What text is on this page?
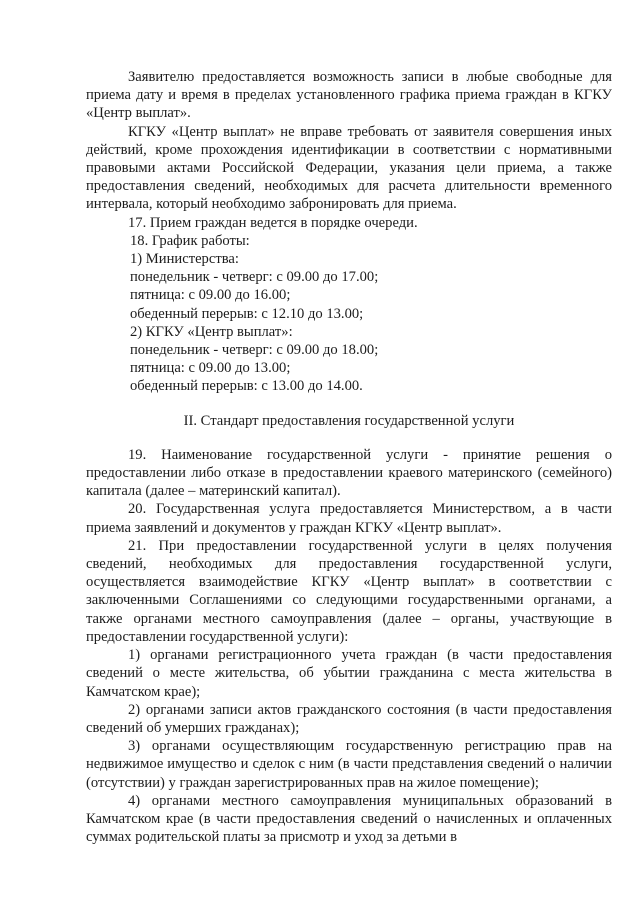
Заявителю предоставляется возможность записи в любые свободные для приема дату и время в пределах установленного графика приема граждан в КГКУ «Центр выплат».

КГКУ «Центр выплат» не вправе требовать от заявителя совершения иных действий, кроме прохождения идентификации в соответствии с нормативными правовыми актами Российской Федерации, указания цели приема, а также предоставления сведений, необходимых для расчета длительности временного интервала, который необходимо забронировать для приема.

17. Прием граждан ведется в порядке очереди.

18. График работы:

1) Министерства:

понедельник - четверг: с 09.00 до 17.00;

пятница: с 09.00 до 16.00;

обеденный перерыв: с 12.10 до 13.00;

2) КГКУ «Центр выплат»:

понедельник - четверг: с 09.00 до 18.00;

пятница: с 09.00 до 13.00;

обеденный перерыв: с 13.00 до 14.00.

II. Стандарт предоставления государственной услуги

19. Наименование государственной услуги - принятие решения о предоставлении либо отказе в предоставлении краевого материнского (семейного) капитала (далее – материнский капитал).

20. Государственная услуга предоставляется Министерством, а в части приема заявлений и документов у граждан КГКУ «Центр выплат».

21. При предоставлении государственной услуги в целях получения сведений, необходимых для предоставления государственной услуги, осуществляется взаимодействие КГКУ «Центр выплат» в соответствии с заключенными Соглашениями со следующими государственными органами, а также органами местного самоуправления (далее – органы, участвующие в предоставлении государственной услуги):

1) органами регистрационного учета граждан (в части предоставления сведений о месте жительства, об убытии гражданина с места жительства в Камчатском крае);

2) органами записи актов гражданского состояния (в части предоставления сведений об умерших гражданах);

3) органами осуществляющим государственную регистрацию прав на недвижимое имущество и сделок с ним (в части представления сведений о наличии (отсутствии) у граждан зарегистрированных прав на жилое помещение);

4) органами местного самоуправления муниципальных образований в Камчатском крае (в части предоставления сведений о начисленных и оплаченных суммах родительской платы за присмотр и уход за детьми в
